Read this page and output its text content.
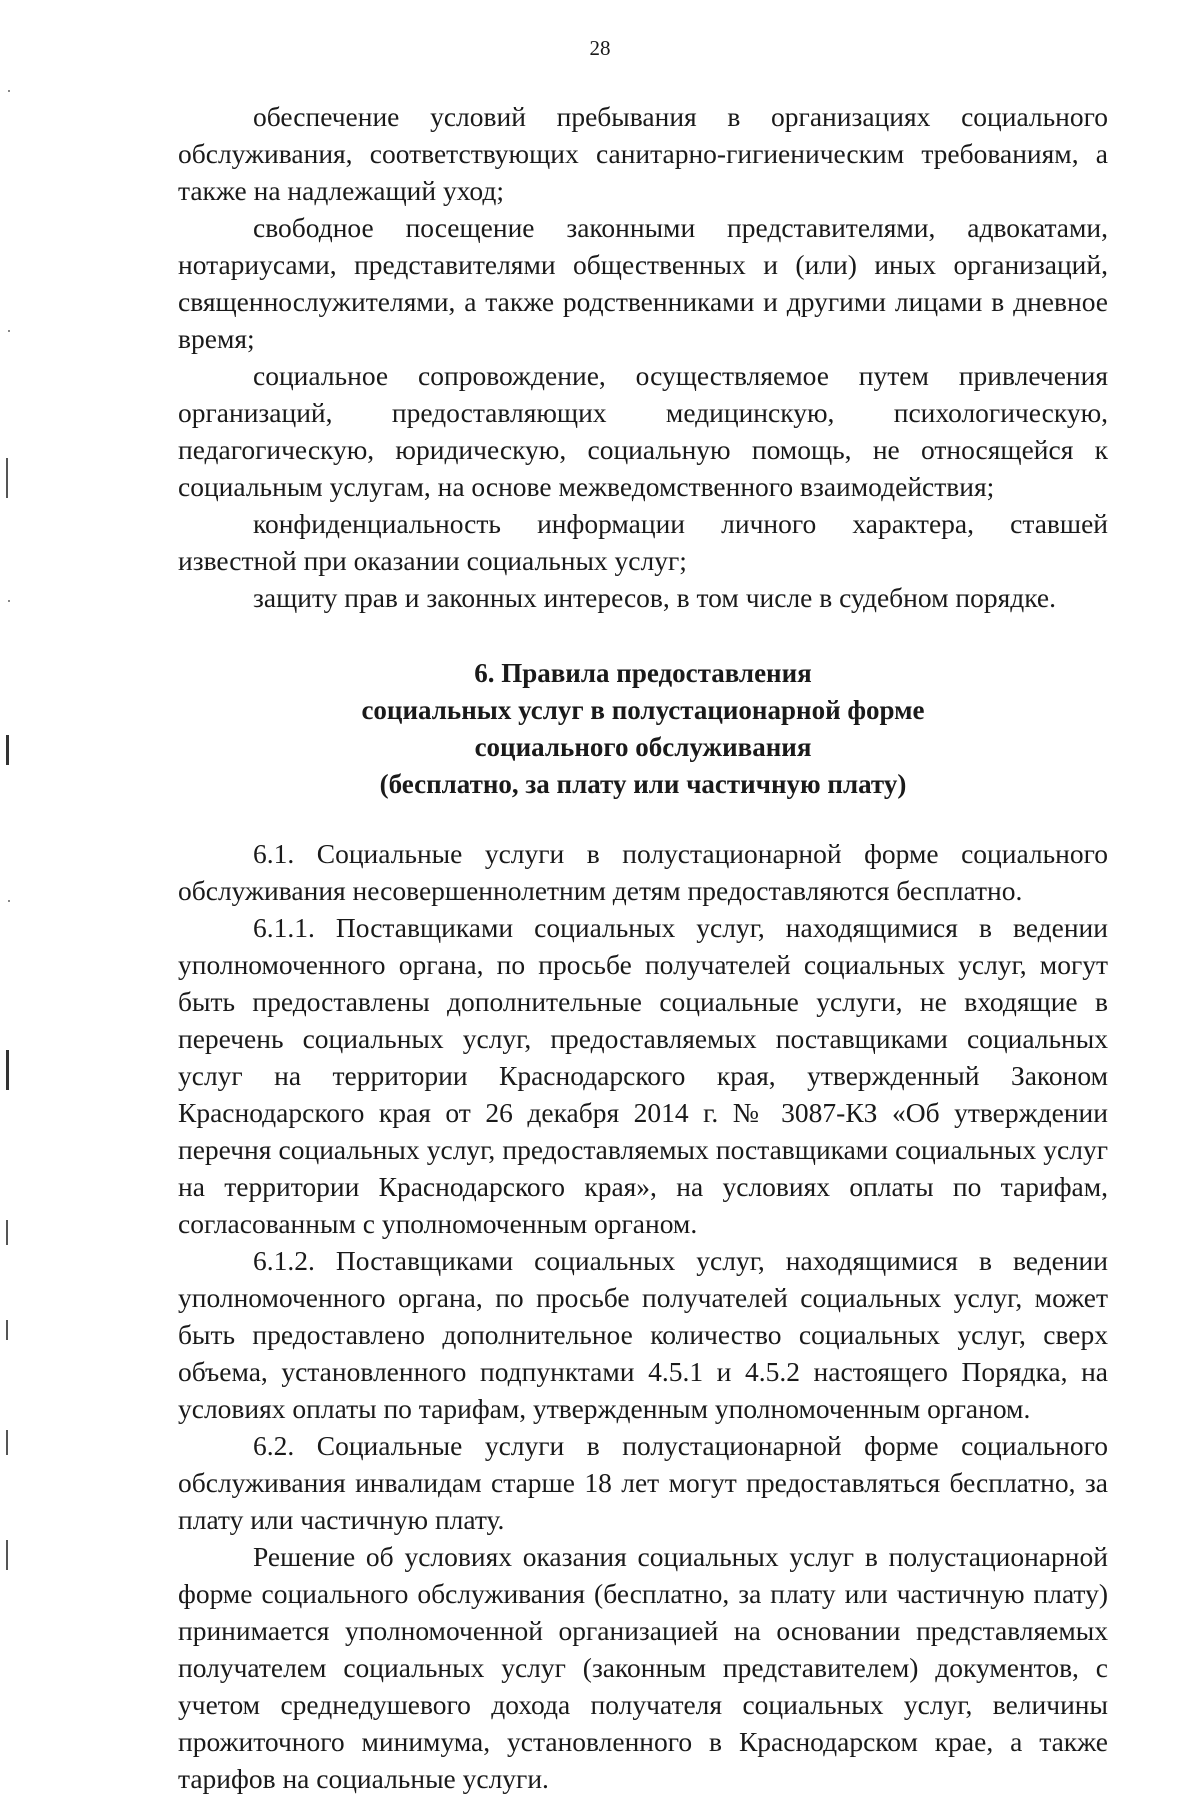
28

обеспечение условий пребывания в организациях социального обслуживания, соответствующих санитарно-гигиеническим требованиям, а также на надлежащий уход;

свободное посещение законными представителями, адвокатами, нотариусами, представителями общественных и (или) иных организаций, священнослужителями, а также родственниками и другими лицами в дневное время;

социальное сопровождение, осуществляемое путем привлечения организаций, предоставляющих медицинскую, психологическую, педагогическую, юридическую, социальную помощь, не относящейся к социальным услугам, на основе межведомственного взаимодействия;

конфиденциальность информации личного характера, ставшей известной при оказании социальных услуг;

защиту прав и законных интересов, в том числе в судебном порядке.

6. Правила предоставления
социальных услуг в полустационарной форме
социального обслуживания
(бесплатно, за плату или частичную плату)

6.1. Социальные услуги в полустационарной форме социального обслуживания несовершеннолетним детям предоставляются бесплатно.

6.1.1. Поставщиками социальных услуг, находящимися в ведении уполномоченного органа, по просьбе получателей социальных услуг, могут быть предоставлены дополнительные социальные услуги, не входящие в перечень социальных услуг, предоставляемых поставщиками социальных услуг на территории Краснодарского края, утвержденный Законом Краснодарского края от 26 декабря 2014 г. № 3087-КЗ «Об утверждении перечня социальных услуг, предоставляемых поставщиками социальных услуг на территории Краснодарского края», на условиях оплаты по тарифам, согласованным с уполномоченным органом.

6.1.2. Поставщиками социальных услуг, находящимися в ведении уполномоченного органа, по просьбе получателей социальных услуг, может быть предоставлено дополнительное количество социальных услуг, сверх объема, установленного подпунктами 4.5.1 и 4.5.2 настоящего Порядка, на условиях оплаты по тарифам, утвержденным уполномоченным органом.

6.2. Социальные услуги в полустационарной форме социального обслуживания инвалидам старше 18 лет могут предоставляться бесплатно, за плату или частичную плату.

Решение об условиях оказания социальных услуг в полустационарной форме социального обслуживания (бесплатно, за плату или частичную плату) принимается уполномоченной организацией на основании представляемых получателем социальных услуг (законным представителем) документов, с учетом среднедушевого дохода получателя социальных услуг, величины прожиточного минимума, установленного в Краснодарском крае, а также тарифов на социальные услуги.
